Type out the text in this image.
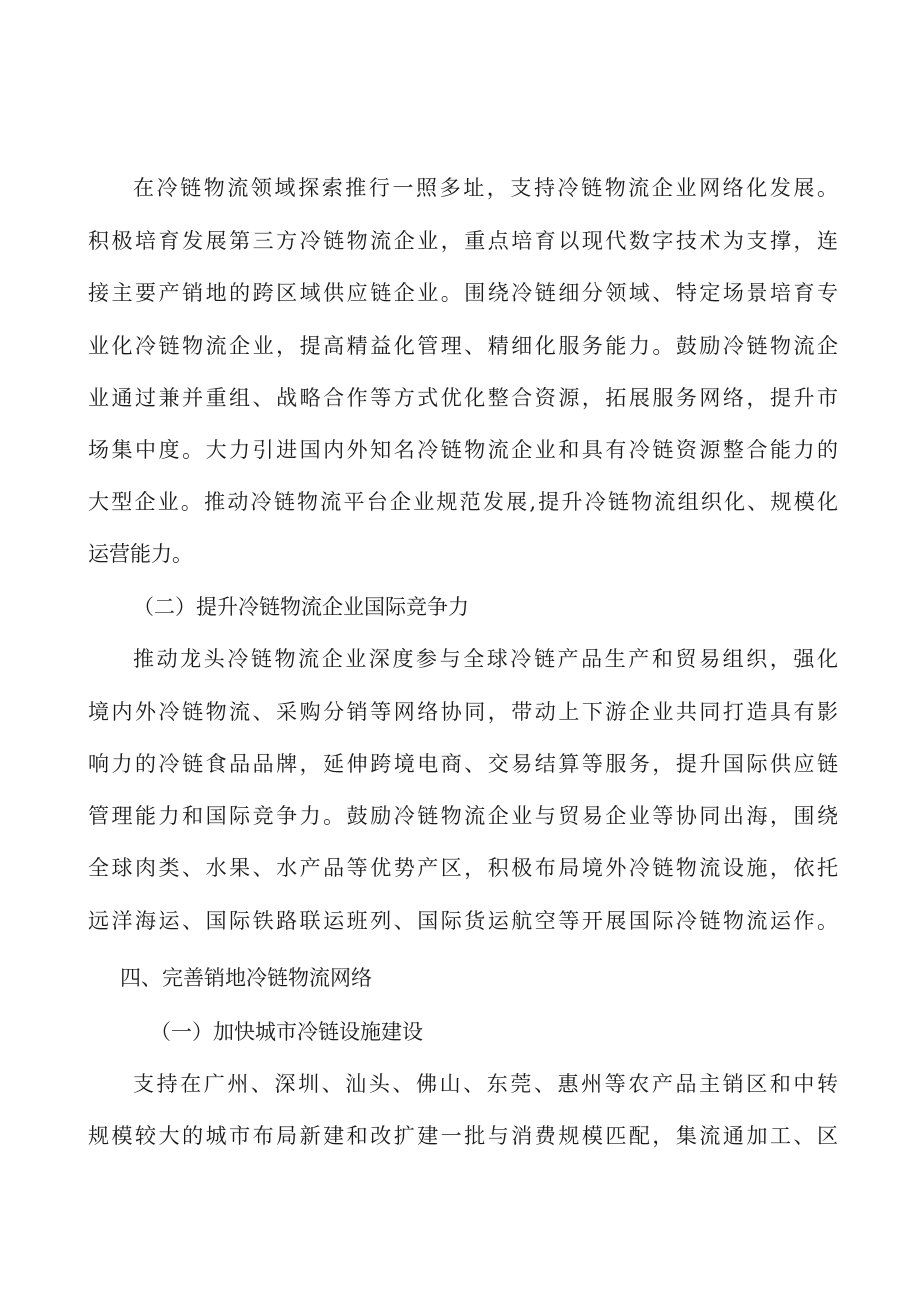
在冷链物流领域探索推行一照多址，支持冷链物流企业网络化发展。
积极培育发展第三方冷链物流企业，重点培育以现代数字技术为支撑，连
接主要产销地的跨区域供应链企业。围绕冷链细分领域、特定场景培育专
业化冷链物流企业，提高精益化管理、精细化服务能力。鼓励冷链物流企
业通过兼并重组、战略合作等方式优化整合资源，拓展服务网络，提升市
场集中度。大力引进国内外知名冷链物流企业和具有冷链资源整合能力的
大型企业。推动冷链物流平台企业规范发展,提升冷链物流组织化、规模化
运营能力。
（二）提升冷链物流企业国际竞争力
推动龙头冷链物流企业深度参与全球冷链产品生产和贸易组织，强化
境内外冷链物流、采购分销等网络协同，带动上下游企业共同打造具有影
响力的冷链食品品牌，延伸跨境电商、交易结算等服务，提升国际供应链
管理能力和国际竞争力。鼓励冷链物流企业与贸易企业等协同出海，围绕
全球肉类、水果、水产品等优势产区，积极布局境外冷链物流设施，依托
远洋海运、国际铁路联运班列、国际货运航空等开展国际冷链物流运作。
四、完善销地冷链物流网络
（一）加快城市冷链设施建设
支持在广州、深圳、汕头、佛山、东莞、惠州等农产品主销区和中转
规模较大的城市布局新建和改扩建一批与消费规模匹配，集流通加工、区
